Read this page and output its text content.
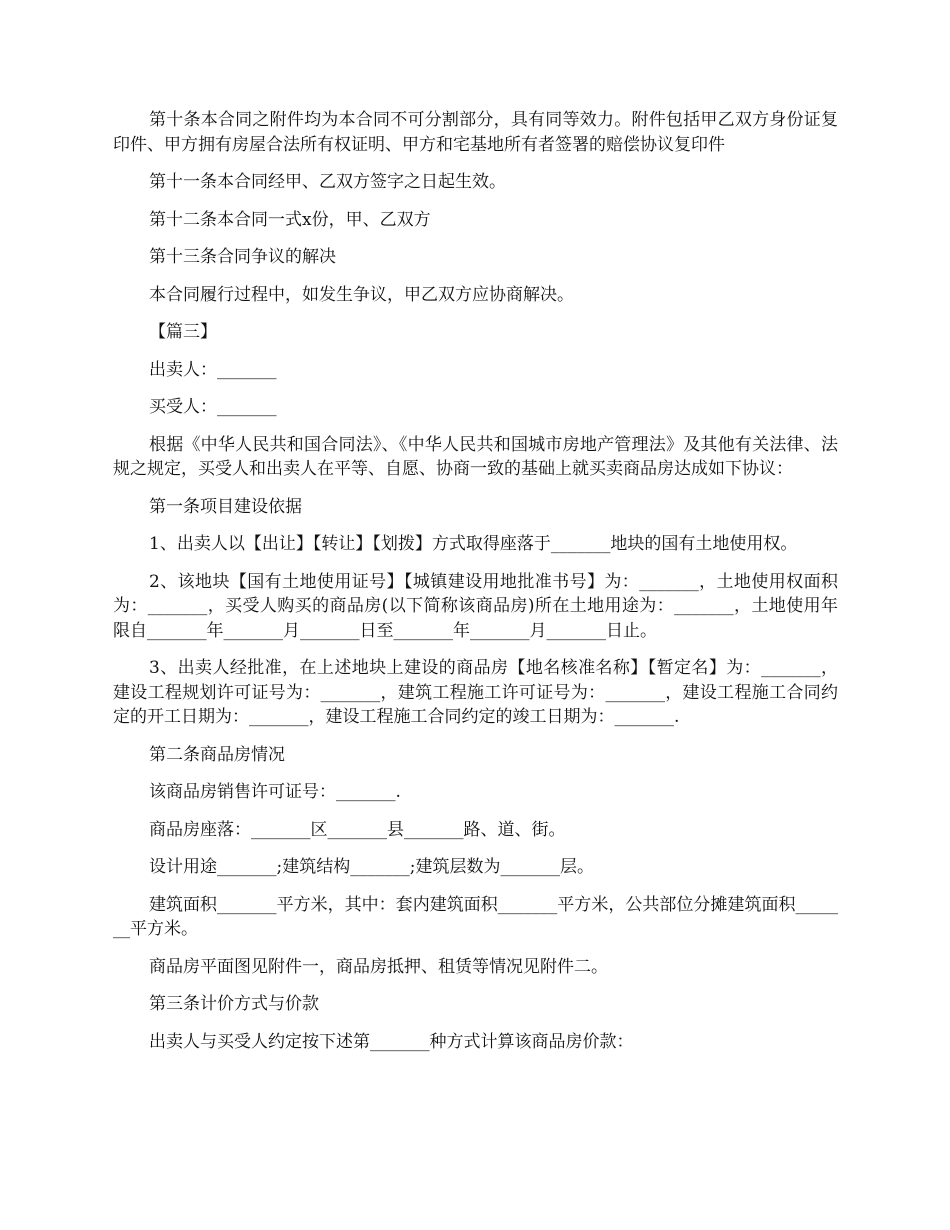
第十条本合同之附件均为本合同不可分割部分，具有同等效力。附件包括甲乙双方身份证复印件、甲方拥有房屋合法所有权证明、甲方和宅基地所有者签署的赔偿协议复印件

第十一条本合同经甲、乙双方签字之日起生效。

第十二条本合同一式x份，甲、乙双方

第十三条合同争议的解决

本合同履行过程中，如发生争议，甲乙双方应协商解决。

【篇三】

出卖人：_______

买受人：_______

根据《中华人民共和国合同法》、《中华人民共和国城市房地产管理法》及其他有关法律、法规之规定，买受人和出卖人在平等、自愿、协商一致的基础上就买卖商品房达成如下协议：

第一条项目建设依据

1、出卖人以【出让】【转让】【划拨】方式取得座落于_______地块的国有土地使用权。

2、该地块【国有土地使用证号】【城镇建设用地批准书号】为：_______，土地使用权面积为：_______，买受人购买的商品房(以下简称该商品房)所在土地用途为：_______，土地使用年限自_______年_______月_______日至_______年_______月_______日止。

3、出卖人经批准，在上述地块上建设的商品房【地名核准名称】【暂定名】为：_______，建设工程规划许可证号为：_______，建筑工程施工许可证号为：_______，建设工程施工合同约定的开工日期为：_______，建设工程施工合同约定的竣工日期为：_______.

第二条商品房情况

该商品房销售许可证号：_______.

商品房座落：_______区_______县_______路、道、街。

设计用途_______;建筑结构_______;建筑层数为_______层。

建筑面积_______平方米，其中：套内建筑面积_______平方米，公共部位分摊建筑面积_______平方米。

商品房平面图见附件一，商品房抵押、租赁等情况见附件二。

第三条计价方式与价款

出卖人与买受人约定按下述第_______种方式计算该商品房价款：
